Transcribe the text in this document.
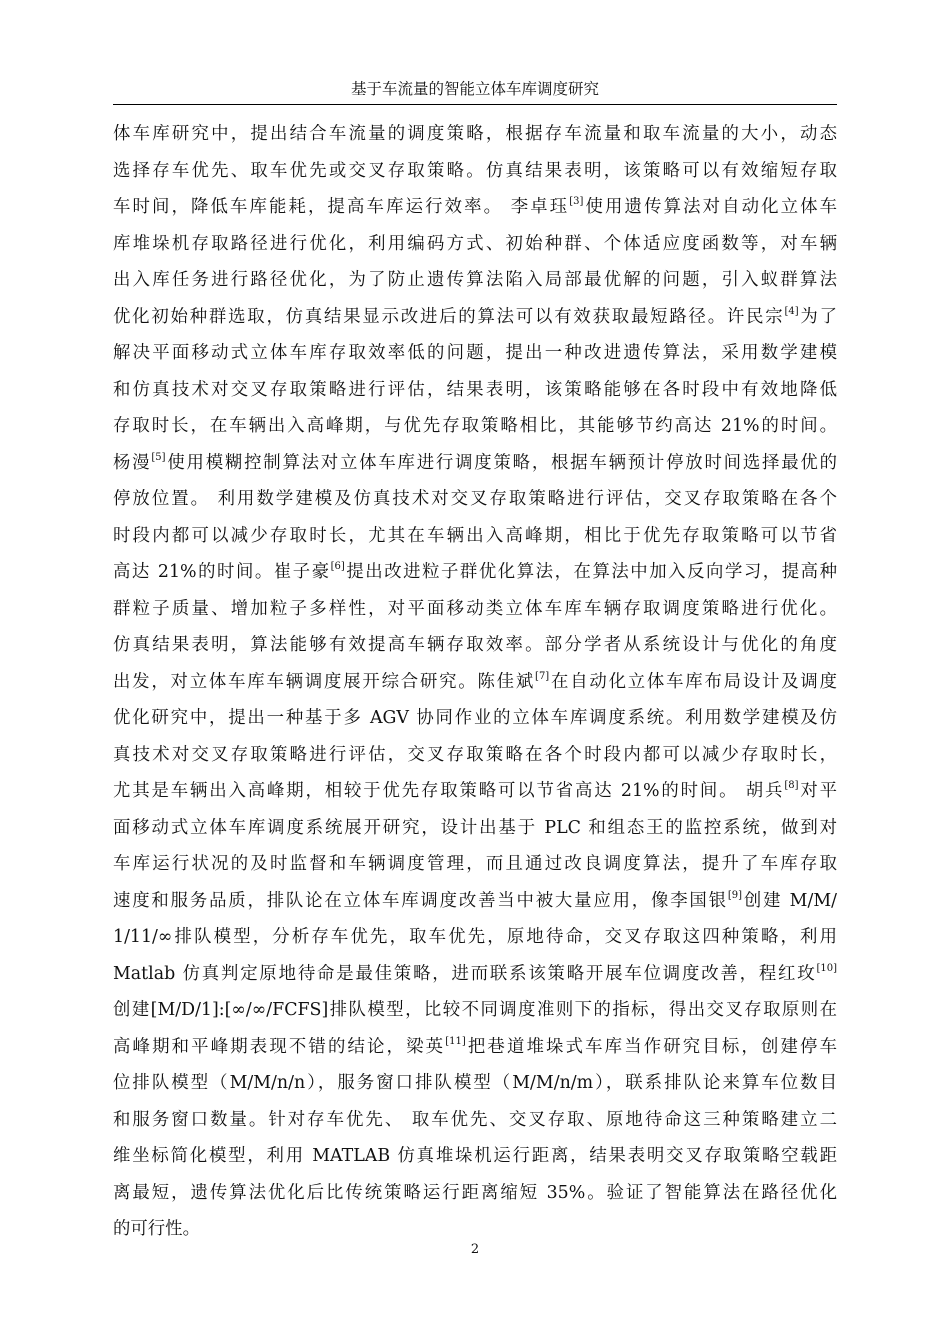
基于车流量的智能立体车库调度研究
体车库研究中，提出结合车流量的调度策略，根据存车流量和取车流量的大小，动态
选择存车优先、取车优先或交叉存取策略。仿真结果表明，该策略可以有效缩短存取
车时间，降低车库能耗，提高车库运行效率。 李卓珏[3]使用遗传算法对自动化立体车
库堆垛机存取路径进行优化，利用编码方式、初始种群、个体适应度函数等，对车辆
出入库任务进行路径优化，为了防止遗传算法陷入局部最优解的问题，引入蚁群算法
优化初始种群选取，仿真结果显示改进后的算法可以有效获取最短路径。许民宗[4]为了
解决平面移动式立体车库存取效率低的问题，提出一种改进遗传算法，采用数学建模
和仿真技术对交叉存取策略进行评估，结果表明，该策略能够在各时段中有效地降低
存取时长，在车辆出入高峰期，与优先存取策略相比，其能够节约高达 21%的时间。
杨漫[5]使用模糊控制算法对立体车库进行调度策略，根据车辆预计停放时间选择最优的
停放位置。 利用数学建模及仿真技术对交叉存取策略进行评估，交叉存取策略在各个
时段内都可以减少存取时长，尤其在车辆出入高峰期，相比于优先存取策略可以节省
高达 21%的时间。崔子豪[6]提出改进粒子群优化算法，在算法中加入反向学习，提高种
群粒子质量、增加粒子多样性，对平面移动类立体车库车辆存取调度策略进行优化。
仿真结果表明，算法能够有效提高车辆存取效率。部分学者从系统设计与优化的角度
出发，对立体车库车辆调度展开综合研究。陈佳斌[7]在自动化立体车库布局设计及调度
优化研究中，提出一种基于多 AGV 协同作业的立体车库调度系统。利用数学建模及仿
真技术对交叉存取策略进行评估，交叉存取策略在各个时段内都可以减少存取时长，
尤其是车辆出入高峰期，相较于优先存取策略可以节省高达 21%的时间。 胡兵[8]对平
面移动式立体车库调度系统展开研究，设计出基于 PLC 和组态王的监控系统，做到对
车库运行状况的及时监督和车辆调度管理，而且通过改良调度算法，提升了车库存取
速度和服务品质，排队论在立体车库调度改善当中被大量应用，像李国银[9]创建 M/M/
1/11/∞排队模型，分析存车优先，取车优先，原地待命，交叉存取这四种策略，利用
Matlab 仿真判定原地待命是最佳策略，进而联系该策略开展车位调度改善，程红玫[10]
创建[M/D/1]:[∞/∞/FCFS]排队模型，比较不同调度准则下的指标，得出交叉存取原则在
高峰期和平峰期表现不错的结论，梁英[11]把巷道堆垛式车库当作研究目标，创建停车
位排队模型（M/M/n/n），服务窗口排队模型（M/M/n/m），联系排队论来算车位数目
和服务窗口数量。针对存车优先、 取车优先、交叉存取、原地待命这三种策略建立二
维坐标简化模型，利用 MATLAB 仿真堆垛机运行距离，结果表明交叉存取策略空载距
离最短，遗传算法优化后比传统策略运行距离缩短 35%。验证了智能算法在路径优化
的可行性。
2
